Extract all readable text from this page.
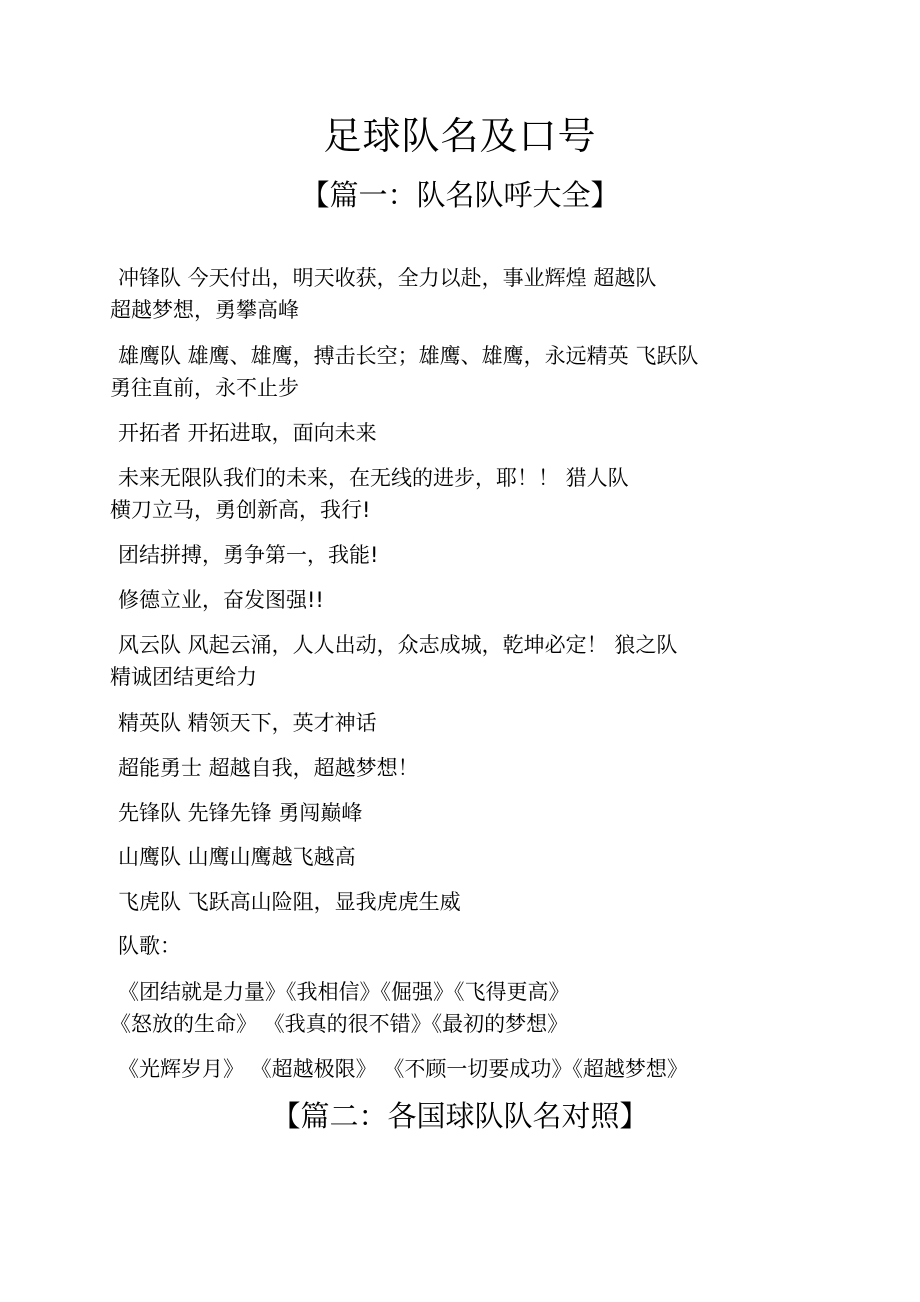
足球队名及口号
【篇一：队名队呼大全】
冲锋队 今天付出，明天收获，全力以赴，事业辉煌 超越队
超越梦想，勇攀高峰
雄鹰队 雄鹰、雄鹰，搏击长空；雄鹰、雄鹰，永远精英 飞跃队
勇往直前，永不止步
开拓者 开拓进取，面向未来
未来无限队我们的未来，在无线的进步，耶！！ 猎人队
横刀立马，勇创新高，我行!
团结拼搏，勇争第一，我能!
修德立业，奋发图强!!
风云队 风起云涌，人人出动，众志成城，乾坤必定！ 狼之队
精诚团结更给力
精英队 精领天下，英才神话
超能勇士 超越自我，超越梦想！
先锋队 先锋先锋 勇闯巅峰
山鹰队 山鹰山鹰越飞越高
飞虎队 飞跃高山险阻，显我虎虎生威
队歌：
《团结就是力量》《我相信》《倔强》《飞得更高》
《怒放的生命》 《我真的很不错》《最初的梦想》
《光辉岁月》 《超越极限》 《不顾一切要成功》《超越梦想》
【篇二：各国球队队名对照】
